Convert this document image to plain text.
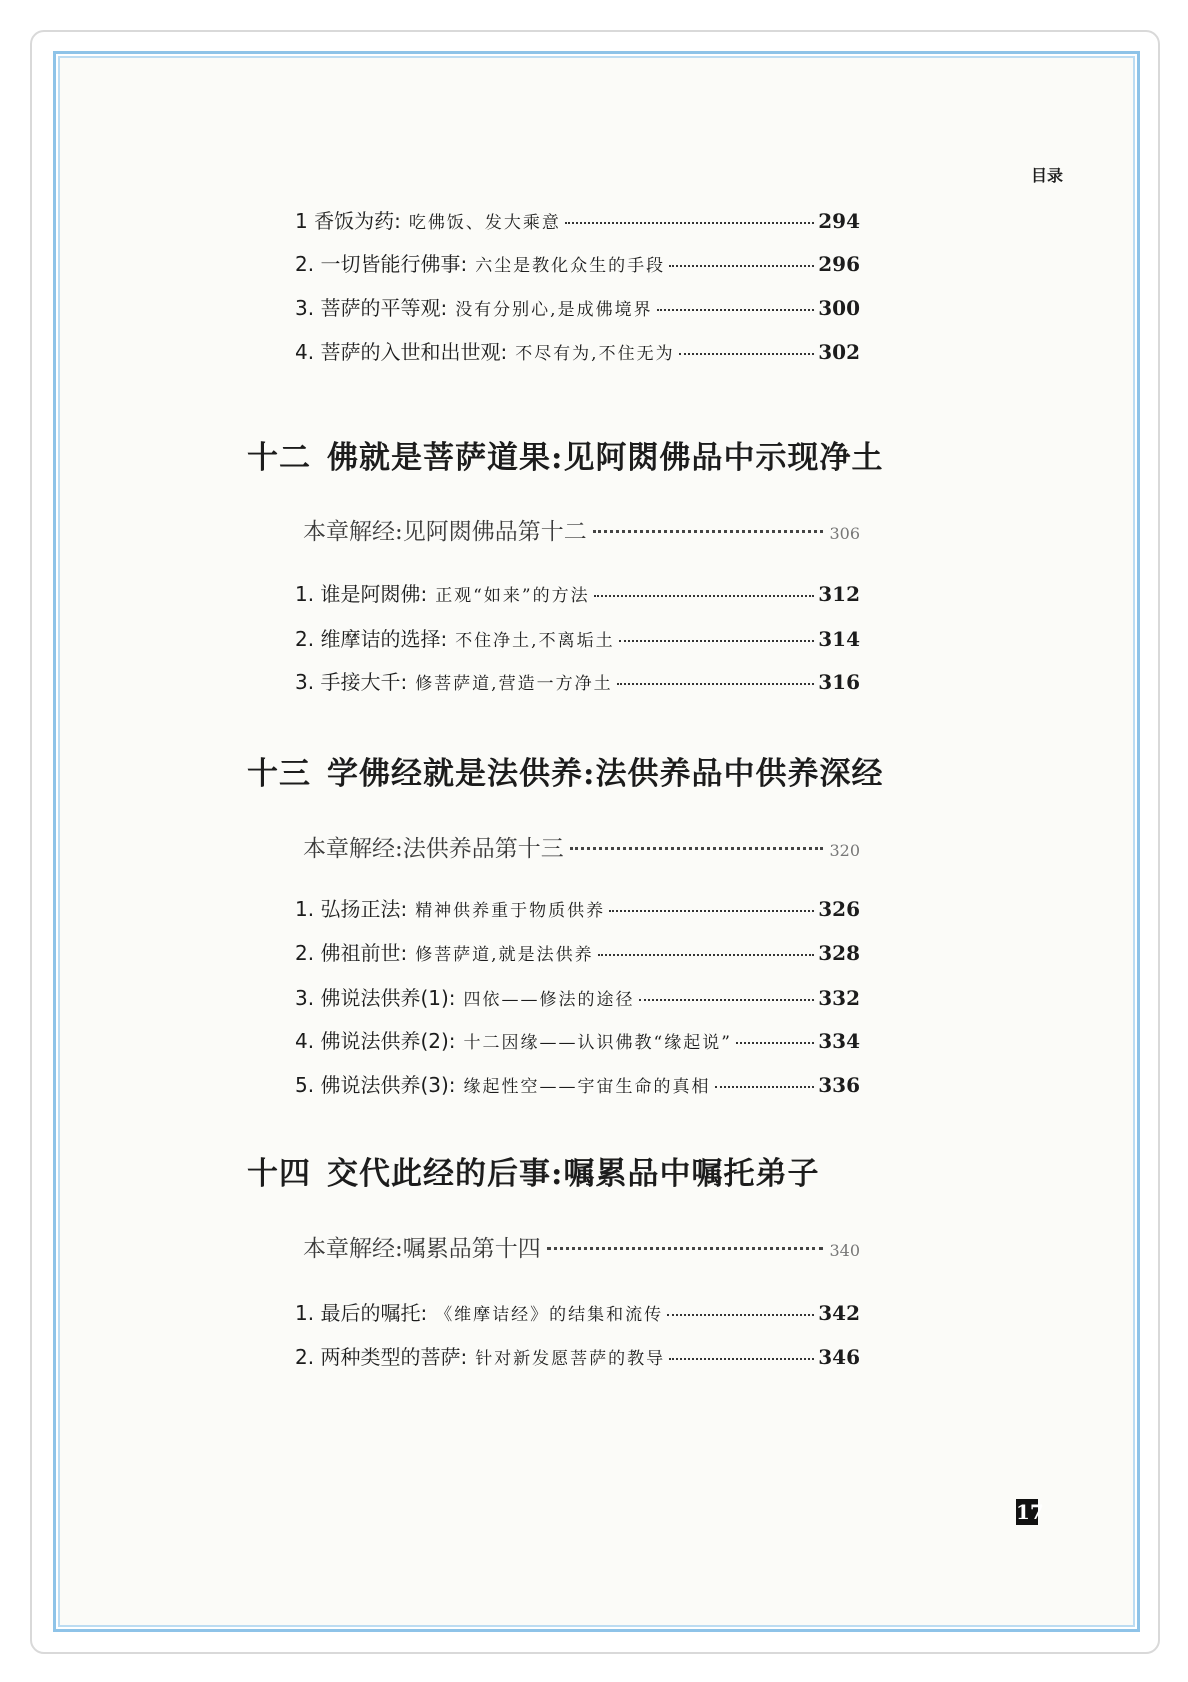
目录
1 香饭为药: 吃佛饭、发大乘意	294
2. 一切皆能行佛事: 六尘是教化众生的手段	296
3. 菩萨的平等观: 没有分别心,是成佛境界	300
4. 菩萨的入世和出世观: 不尽有为,不住无为	302
十二 佛就是菩萨道果:见阿閦佛品中示现净土
本章解经:见阿閦佛品第十二	306
1. 谁是阿閦佛: 正观“如来”的方法	312
2. 维摩诘的选择: 不住净土,不离垢土	314
3. 手接大千: 修菩萨道,营造一方净土	316
十三 学佛经就是法供养:法供养品中供养深经
本章解经:法供养品第十三	320
1. 弘扬正法: 精神供养重于物质供养	326
2. 佛祖前世: 修菩萨道,就是法供养	328
3. 佛说法供养(1): 四依——修法的途径	332
4. 佛说法供养(2): 十二因缘——认识佛教“缘起说”	334
5. 佛说法供养(3): 缘起性空——宇宙生命的真相	336
十四 交代此经的后事:嘱累品中嘱托弟子
本章解经:嘱累品第十四	340
1. 最后的嘱托: 《维摩诘经》的结集和流传	342
2. 两种类型的菩萨: 针对新发愿菩萨的教导	346
17
